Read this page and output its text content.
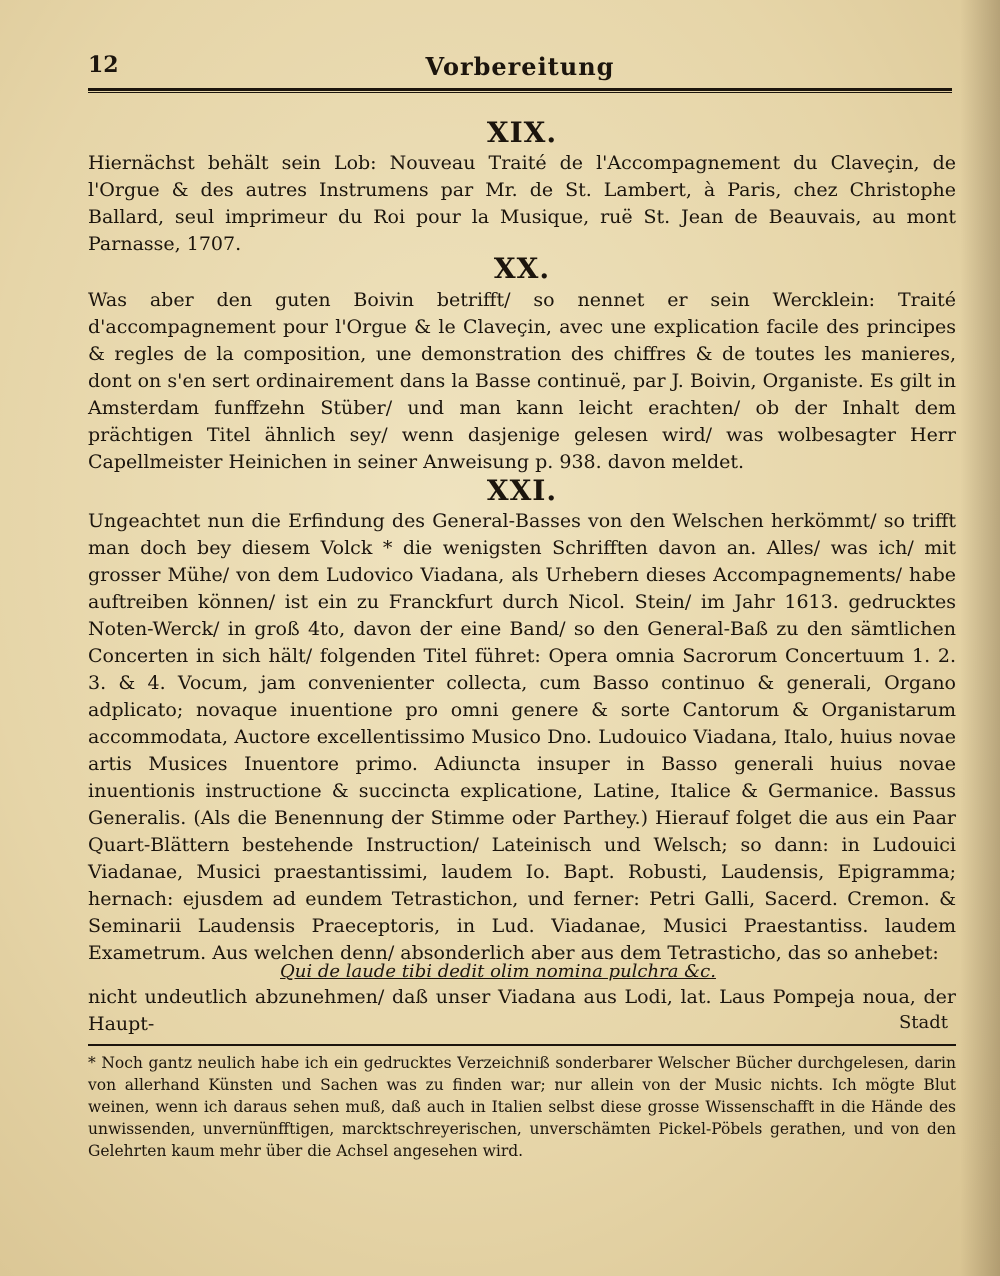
12	Vorbereitung
XIX.

Hiernächst behält sein Lob: Nouveau Traité de l'Accompagnement du Claveçin, de l'Orgue & des autres Instrumens par Mr. de St. Lambert, à Paris, chez Christophe Ballard, seul imprimeur du Roi pour la Musique, ruë St. Jean de Beauvais, au mont Parnasse, 1707.

XX.

Was aber den guten Boivin betrifft/ so nennet er sein Wercklein: Traité d'accompagnement pour l'Orgue & le Claveçin, avec une explication facile des principes & regles de la composition, une demonstration des chiffres & de toutes les manieres, dont on s'en sert ordinairement dans la Basse continuë, par J. Boivin, Organiste. Es gilt in Amsterdam funffzehn Stüber/ und man kann leicht erachten/ ob der Inhalt dem prächtigen Titel ähnlich sey/ wenn dasjenige gelesen wird/ was wolbesagter Herr Capellmeister Heinichen in seiner Anweisung p. 938. davon meldet.

XXI.

Ungeachtet nun die Erfindung des General-Basses von den Welschen herkömmt/ so trifft man doch bey diesem Volck * die wenigsten Schrifften davon an. Alles/ was ich/ mit grosser Mühe/ von dem Ludovico Viadana, als Urhebern dieses Accompagnements/ habe auftreiben können/ ist ein zu Franckfurt durch Nicol. Stein/ im Jahr 1613. gedrucktes Noten-Werck/ in groß 4to, davon der eine Band/ so den General-Baß zu den sämtlichen Concerten in sich hält/ folgenden Titel führet: Opera omnia Sacrorum Concertuum 1. 2. 3. & 4. Vocum, jam convenienter collecta, cum Basso continuo & generali, Organo adplicato; novaque inuentione pro omni genere & sorte Cantorum & Organistarum accommodata, Auctore excellentissimo Musico Dno. Ludouico Viadana, Italo, huius novae artis Musices Inuentore primo. Adiuncta insuper in Basso generali huius novae inuentionis instructione & succincta explicatione, Latine, Italice & Germanice. Bassus Generalis. (Als die Benennung der Stimme oder Parthey.) Hierauf folget die aus ein Paar Quart-Blättern bestehende Instruction/ Lateinisch und Welsch; so dann: in Ludouici Viadanae, Musici praestantissimi, laudem Io. Bapt. Robusti, Laudensis, Epigramma; hernach: ejusdem ad eundem Tetrastichon, und ferner: Petri Galli, Sacerd. Cremon. & Seminarii Laudensis Praeceptoris, in Lud. Viadanae, Musici Praestantiss. laudem Exametrum. Aus welchen denn/ absonderlich aber aus dem Tetrasticho, das so anhebet:

Qui de laude tibi dedit olim nomina pulchra &c.

nicht undeutlich abzunehmen/ daß unser Viadana aus Lodi, lat. Laus Pompeja noua, der Haupt-	Stadt

* Noch gantz neulich habe ich ein gedrucktes Verzeichniß sonderbarer Welscher Bücher durchgelesen, darin von allerhand Künsten und Sachen was zu finden war; nur allein von der Music nichts. Ich mögte Blut weinen, wenn ich daraus sehen muß, daß auch in Italien selbst diese grosse Wissenschafft in die Hände des unwissenden, unvernünfftigen, marcktschreyerischen, unverschämten Pickel-Pöbels gerathen, und von den Gelehrten kaum mehr über die Achsel angesehen wird.
